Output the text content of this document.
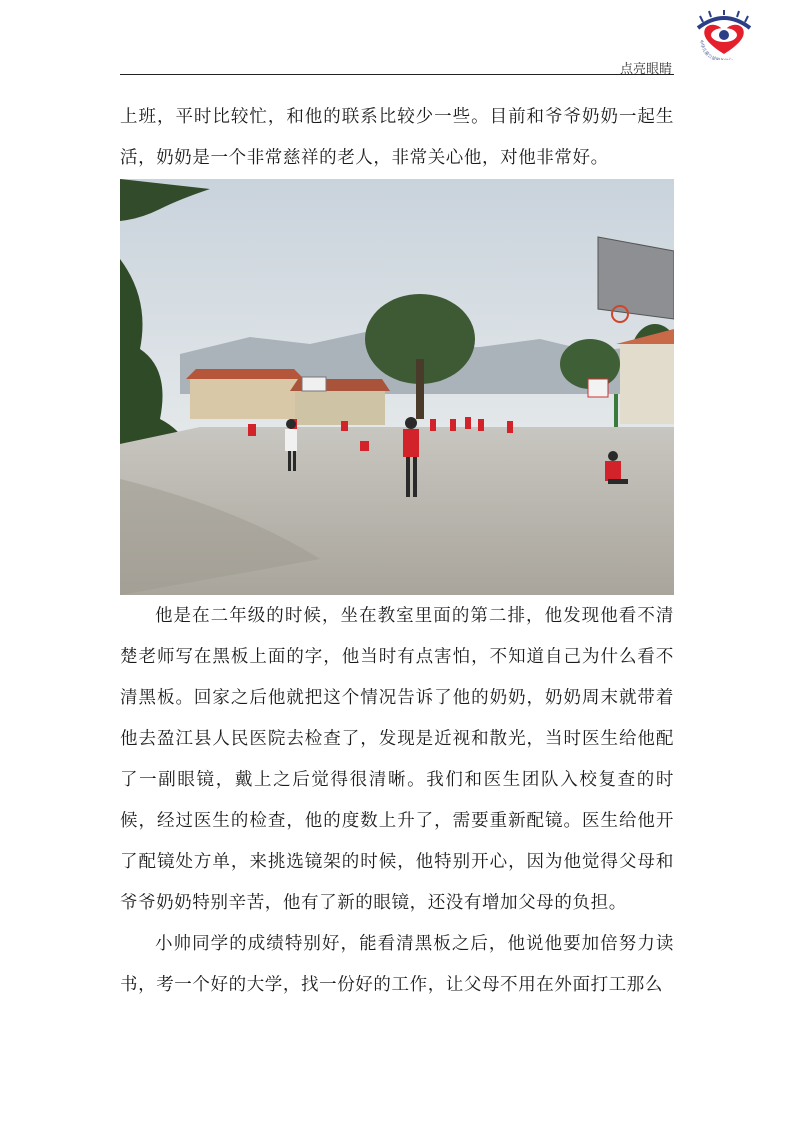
中华儿童公益
点亮眼睛

上班，平时比较忙，和他的联系比较少一些。目前和爷爷奶奶一起生活，奶奶是一个非常慈祥的老人，非常关心他，对他非常好。

他是在二年级的时候，坐在教室里面的第二排，他发现他看不清楚老师写在黑板上面的字，他当时有点害怕，不知道自己为什么看不清黑板。回家之后他就把这个情况告诉了他的奶奶，奶奶周末就带着他去盈江县人民医院去检查了，发现是近视和散光，当时医生给他配了一副眼镜，戴上之后觉得很清晰。我们和医生团队入校复查的时候，经过医生的检查，他的度数上升了，需要重新配镜。医生给他开了配镜处方单，来挑选镜架的时候，他特别开心，因为他觉得父母和爷爷奶奶特别辛苦，他有了新的眼镜，还没有增加父母的负担。

小帅同学的成绩特别好，能看清黑板之后，他说他要加倍努力读书，考一个好的大学，找一份好的工作，让父母不用在外面打工那么
